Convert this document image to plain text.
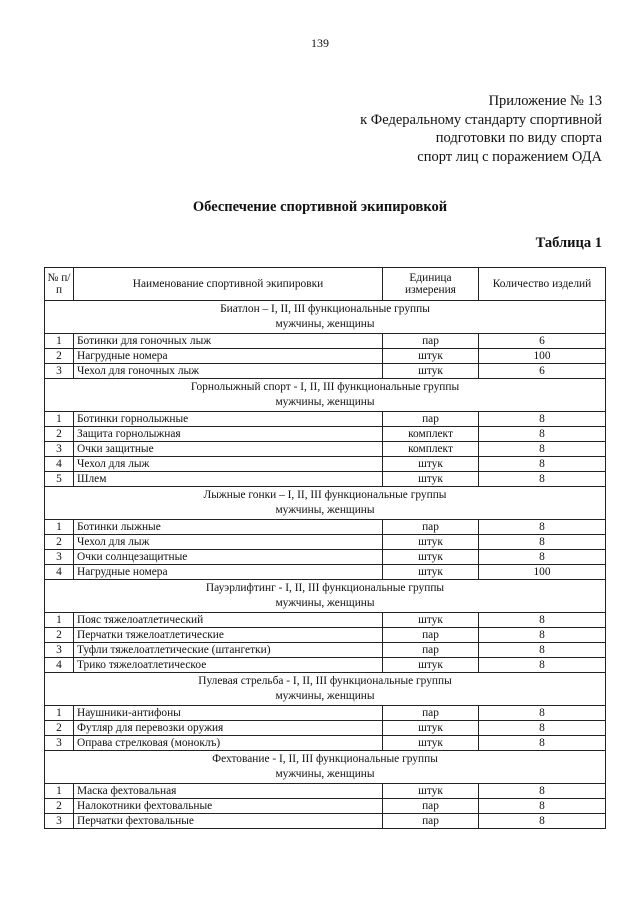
139
Приложение № 13
к Федеральному стандарту спортивной
подготовки по виду спорта
спорт лиц с поражением ОДА
Обеспечение спортивной экипировкой
Таблица 1
№ п/п	Наименование спортивной экипировки	Единица измерения	Количество изделий

Биатлон – I, II, III функциональные группы
мужчины, женщины			

1	Ботинки для гоночных лыж	пар	6
2	Нагрудные номера	штук	100
3	Чехол для гоночных лыж	штук	6

Горнолыжный спорт - I, II, III функциональные группы
мужчины, женщины			

1	Ботинки горнолыжные	пар	8
2	Защита горнолыжная	комплект	8
3	Очки защитные	комплект	8
4	Чехол для лыж	штук	8
5	Шлем	штук	8

Лыжные гонки – I, II, III функциональные группы
мужчины, женщины			

1	Ботинки лыжные	пар	8
2	Чехол для лыж	штук	8
3	Очки солнцезащитные	штук	8
4	Нагрудные номера	штук	100

Пауэрлифтинг - I, II, III функциональные группы
мужчины, женщины			

1	Пояс тяжелоатлетический	штук	8
2	Перчатки тяжелоатлетические	пар	8
3	Туфли тяжелоатлетические (штангетки)	пар	8
4	Трико тяжелоатлетическое	штук	8

Пулевая стрельба - I, II, III функциональные группы
мужчины, женщины			

1	Наушники-антифоны	пар	8
2	Футляр для перевозки оружия	штук	8
3	Оправа стрелковая (моноклъ)	штук	8

Фехтование - I, II, III функциональные группы
мужчины, женщины			

1	Маска фехтовальная	штук	8
2	Налокотники фехтовальные	пар	8
3	Перчатки фехтовальные	пар	8
